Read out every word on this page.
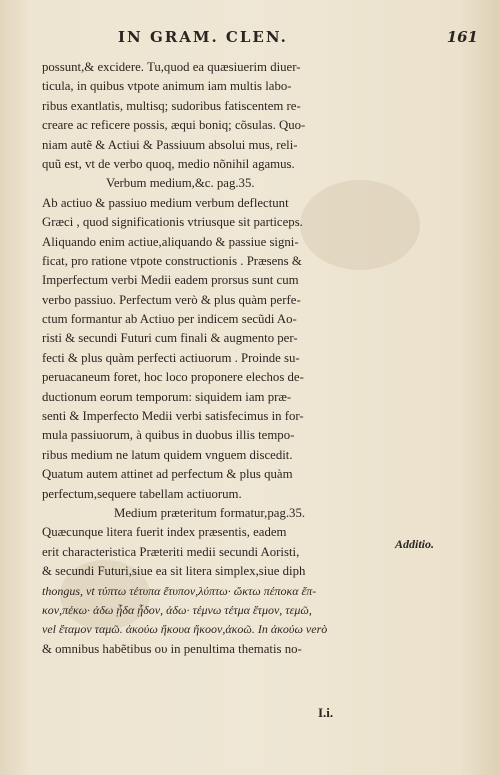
IN GRAM. CLEN.	161
possunt,& excidere. Tu,quod ea quæsiuerim diuer-
ticula, in quibus vtpote animum iam multis labo-
ribus exantlatis, multisq; sudoribus fatiscentem re-
creare ac reficere possis, æqui boniq; cõsulas. Quo-
niam autẽ & Actiui & Passiuum absolui mus, reli-
quũ est, vt de verbo quoq, medio nõnihil agamus.
Verbum medium,&c. pag.35.
Ab actiuo & passiuo medium verbum deflectunt
Græci , quod significationis vtriusque sit particeps.
Aliquando enim actiue,aliquando & passiue signi-
ficat, pro ratione vtpote constructionis . Præsens &
Imperfectum verbi Medii eadem prorsus sunt cum
verbo passiuo. Perfectum verò & plus quàm perfe-
ctum formantur ab Actiuo per indicem secũdi Ao-
risti & secundi Futuri cum finali & augmento per-
fecti & plus quàm perfecti actiuorum . Proinde su-
peruacaneum foret, hoc loco proponere elechos de-
ductionum eorum temporum: siquidem iam præ-
senti & Imperfecto Medii verbi satisfecimus in for-
mula passiuorum, à quibus in duobus illis tempo-
ribus medium ne latum quidem vnguem discedit.
Quatum autem attinet ad perfectum & plus quàm
perfectum,sequere tabellam actiuorum.
Medium præteritum formatur,pag.35.
Quæcunque litera fuerit index præsentis, eadem
erit characteristica Præteriti medii secundi Aoristi,
& secundi Futuri,siue ea sit litera simplex,siue diph
thongus, vt τύπτω τέτυπα ἔτυπον,λύπτω· ὤκτω πέποκα ἔπ-
κον,πέκω· ἀδω ᾖδα ᾖδον, ἀδω· τέμνω τέτμα ἔτμον, τεμῶ,
vel ἔταμον ταμῶ. ἀκούω ἤκουα ἤκοον,ἀκοῶ. In ἀκούω verò
& omnibus habẽtibus ου in penultima thematis no-
Additio.
I.i.
